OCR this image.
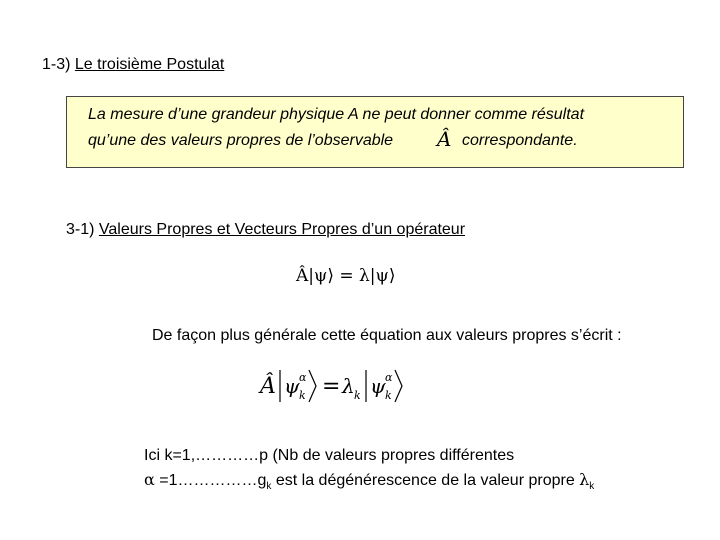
1-3) Le troisième Postulat
La mesure d’une grandeur physique A ne peut donner comme résultat
qu’une des valeurs propres de l’observable Â correspondante.
3-1) Valeurs Propres et Vecteurs Propres d’un opérateur
Â|ψ⟩ = λ|ψ⟩
De façon plus générale cette équation aux valeurs propres s’écrit :
Â ψ α
k = λ k ψ α
k
Ici k=1,…………p (Nb de valeurs propres différentes
$\alpha =1\dots\dots\dots\dots\dots g_k$ est la dégénérescence de la valeur propre $\lambda_k$
